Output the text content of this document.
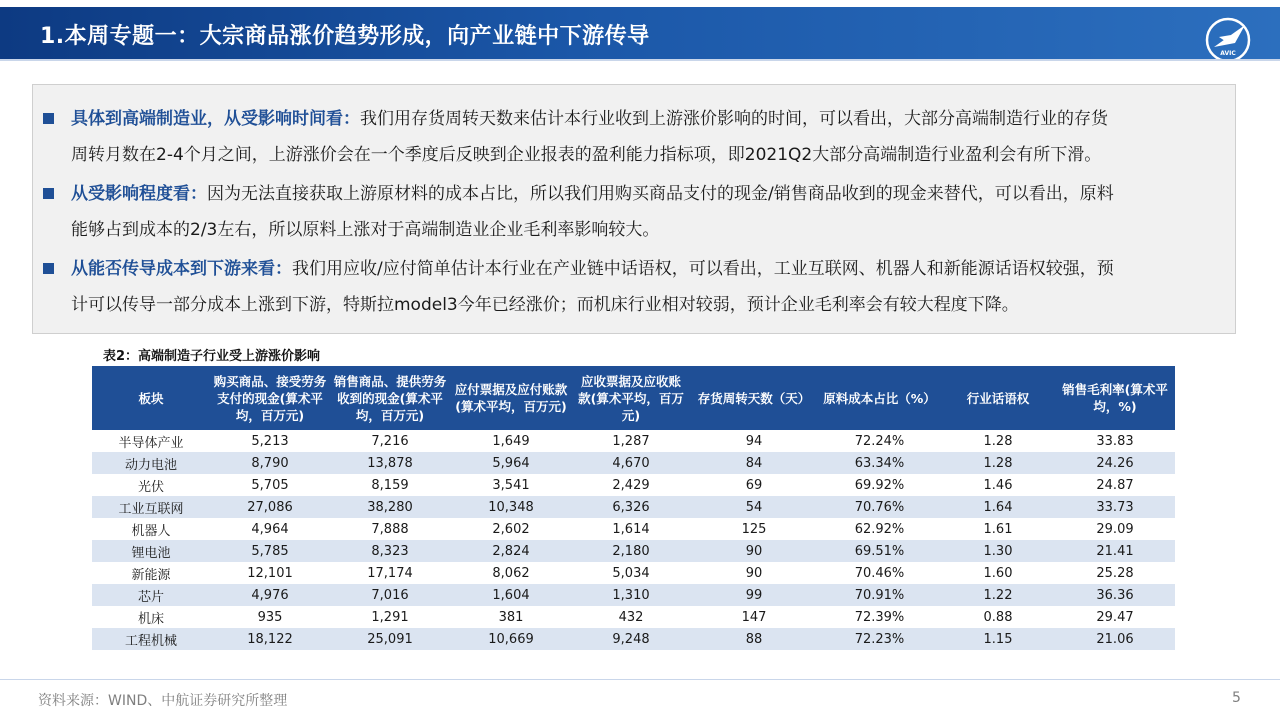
1.本周专题一：大宗商品涨价趋势形成，向产业链中下游传导
AVIC
具体到高端制造业，从受影响时间看：我们用存货周转天数来估计本行业收到上游涨价影响的时间，可以看出，大部分高端制造行业的存货
周转月数在2-4个月之间，上游涨价会在一个季度后反映到企业报表的盈利能力指标项，即2021Q2大部分高端制造行业盈利会有所下滑。
从受影响程度看：因为无法直接获取上游原材料的成本占比，所以我们用购买商品支付的现金/销售商品收到的现金来替代，可以看出，原料
能够占到成本的2/3左右，所以原料上涨对于高端制造业企业毛利率影响较大。
从能否传导成本到下游来看：我们用应收/应付简单估计本行业在产业链中话语权，可以看出，工业互联网、机器人和新能源话语权较强，预
计可以传导一部分成本上涨到下游，特斯拉model3今年已经涨价；而机床行业相对较弱，预计企业毛利率会有较大程度下降。
表2：高端制造子行业受上游涨价影响
板块	购买商品、接受劳务支付的现金(算术平均，百万元)	销售商品、提供劳务收到的现金(算术平均，百万元)	应付票据及应付账款(算术平均，百万元)	应收票据及应收账款(算术平均，百万元)	存货周转天数（天）	原料成本占比（%）	行业话语权	销售毛利率(算术平均，%)
半导体产业	5,213	7,216	1,649	1,287	94	72.24%	1.28	33.83
动力电池	8,790	13,878	5,964	4,670	84	63.34%	1.28	24.26
光伏	5,705	8,159	3,541	2,429	69	69.92%	1.46	24.87
工业互联网	27,086	38,280	10,348	6,326	54	70.76%	1.64	33.73
机器人	4,964	7,888	2,602	1,614	125	62.92%	1.61	29.09
锂电池	5,785	8,323	2,824	2,180	90	69.51%	1.30	21.41
新能源	12,101	17,174	8,062	5,034	90	70.46%	1.60	25.28
芯片	4,976	7,016	1,604	1,310	99	70.91%	1.22	36.36
机床	935	1,291	381	432	147	72.39%	0.88	29.47
工程机械	18,122	25,091	10,669	9,248	88	72.23%	1.15	21.06
资料来源：WIND、中航证券研究所整理	5
